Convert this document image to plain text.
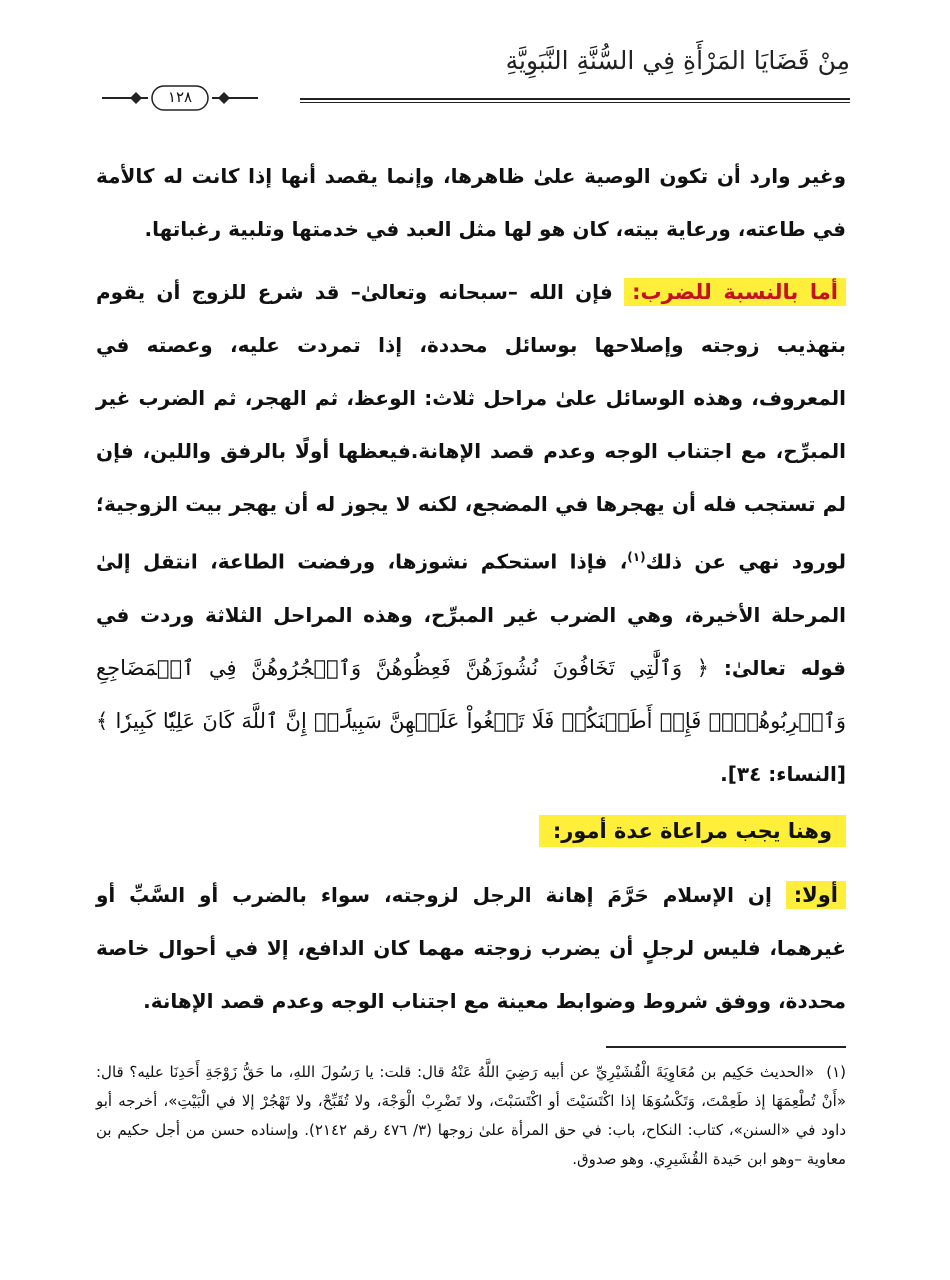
مِنْ قَضَايَا المَرْأَةِ فِي السُّنَّةِ النَّبَوِيَّةِ
١٢٨

وغير وارد أن تكون الوصية علىٰ ظاهرها، وإنما يقصد أنها إذا كانت له كالأمة في طاعته، ورعاية بيته، كان هو لها مثل العبد في خدمتها وتلبية رغباتها.

أما بالنسبة للضرب: فإن الله –سبحانه وتعالىٰ– قد شرع للزوج أن يقوم بتهذيب زوجته وإصلاحها بوسائل محددة، إذا تمردت عليه، وعصته في المعروف، وهذه الوسائل علىٰ مراحل ثلاث: الوعظ، ثم الهجر، ثم الضرب غير المبرِّح، مع اجتناب الوجه وعدم قصد الإهانة.فيعظها أولًا بالرفق واللين، فإن لم تستجب فله أن يهجرها في المضجع، لكنه لا يجوز له أن يهجر بيت الزوجية؛ لورود نهي عن ذلك$^{(١)}$، فإذا استحكم نشوزها، ورفضت الطاعة، انتقل إلىٰ المرحلة الأخيرة، وهي الضرب غير المبرِّح، وهذه المراحل الثلاثة وردت في قوله تعالىٰ: ﴿ وَٱلَّٰتِي تَخَافُونَ نُشُوزَهُنَّ فَعِظُوهُنَّ وَٱهۡجُرُوهُنَّ فِي ٱلۡمَضَاجِعِ وَٱضۡرِبُوهُنَّۖ فَإِنۡ أَطَعۡنَكُمۡ فَلَا تَبۡغُواْ عَلَيۡهِنَّ سَبِيلًاۗ إِنَّ ٱللَّهَ كَانَ عَلِيّٗا كَبِيرٗا ﴾ [النساء: ٣٤].

وهنا يجب مراعاة عدة أمور:

أولا: إن الإسلام حَرَّمَ إهانة الرجل لزوجته، سواء بالضرب أو السَّبِّ أو غيرهما، فليس لرجلٍ أن يضرب زوجته مهما كان الدافع، إلا في أحوال خاصة محددة، ووفق شروط وضوابط معينة مع اجتناب الوجه وعدم قصد الإهانة.

(١)«الحديث حَكِيم بن مُعَاوِيَةَ الْقُشَيْرِيِّ عن أبيه رَضِيَ اللَّهُ عَنْهُ قال: قلت: يا رَسُولَ اللهِ، ما حَقُّ زَوْجَةِ أَحَدِنَا عليه؟ قال: «أَنْ تُطْعِمَهَا إذ طَعِمْتَ، وَتَكْسُوَهَا إذا اكْتَسَيْتَ أو اكْتَسَبْتَ، ولا تَضْرِبْ الْوَجْهَ، ولا تُقَبِّحْ، ولا تَهْجُرْ إلا في الْبَيْتِ»، أخرجه أبو داود في «السنن»، كتاب: النكاح، باب: في حق المرأة علىٰ زوجها (٣/ ٤٧٦ رقم ٢١٤٢). وإسناده حسن من أجل حكيم بن معاوية –وهو ابن حَيدة القُشَيرِي. وهو صدوق.
